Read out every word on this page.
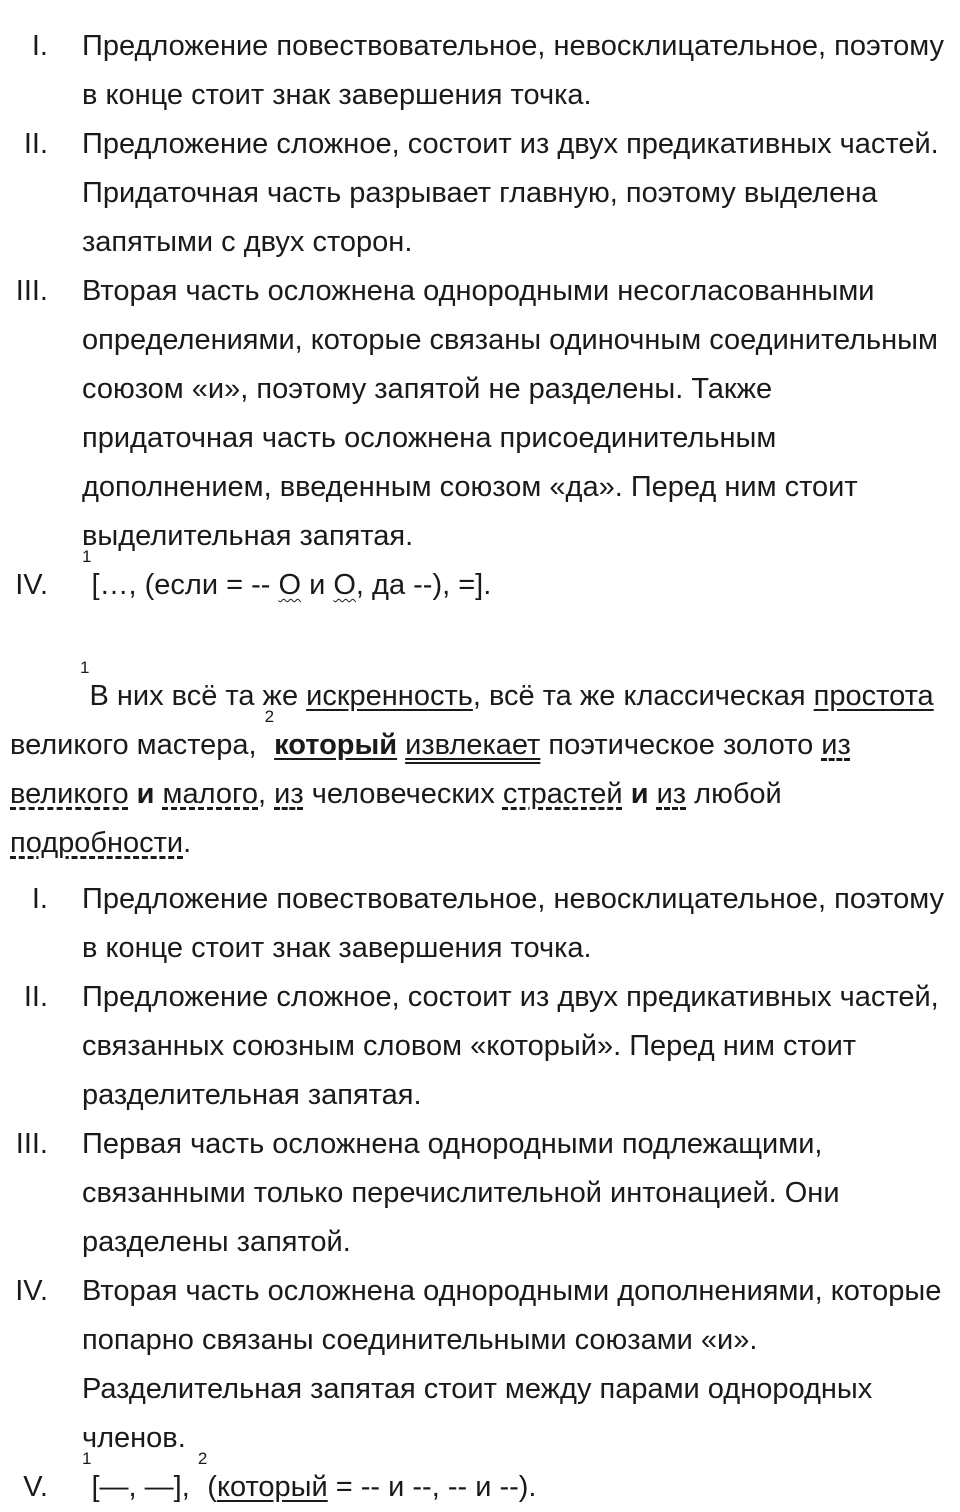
I. Предложение повествовательное, невосклицательное, поэтому в конце стоит знак завершения точка.
II. Предложение сложное, состоит из двух предикативных частей. Придаточная часть разрывает главную, поэтому выделена запятыми с двух сторон.
III. Вторая часть осложнена однородными несогласованными определениями, которые связаны одиночным соединительным союзом «и», поэтому запятой не разделены. Также придаточная часть осложнена присоединительным дополнением, введенным союзом «да». Перед ним стоит выделительная запятая.
IV.
$^1$[…, (если = -- О и О, да --), =].
$^1$В них всё та же искренность, всё та же классическая простота великого мастера, $^2$который извлекает поэтическое золото из великого и малого, из человеческих страстей и из любой подробности.
I. Предложение повествовательное, невосклицательное, поэтому в конце стоит знак завершения точка.
II. Предложение сложное, состоит из двух предикативных частей, связанных союзным словом «который». Перед ним стоит разделительная запятая.
III. Первая часть осложнена однородными подлежащими, связанными только перечислительной интонацией. Они разделены запятой.
IV. Вторая часть осложнена однородными дополнениями, которые попарно связаны соединительными союзами «и». Разделительная запятая стоит между парами однородных членов.
V.
$^1$[—, —], $^2$(который = -- и --, -- и --).
